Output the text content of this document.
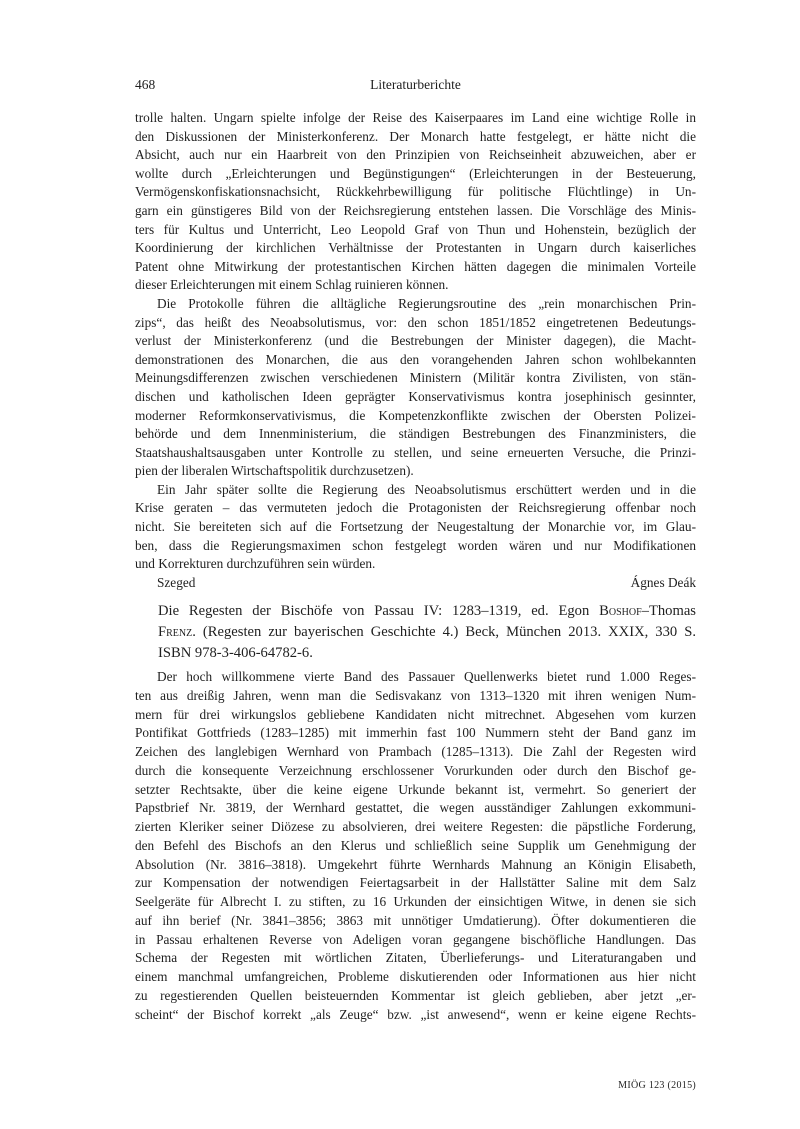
468	Literaturberichte
trolle halten. Ungarn spielte infolge der Reise des Kaiserpaares im Land eine wichtige Rolle in
den Diskussionen der Ministerkonferenz. Der Monarch hatte festgelegt, er hätte nicht die
Absicht, auch nur ein Haarbreit von den Prinzipien von Reichseinheit abzuweichen, aber er
wollte durch „Erleichterungen und Begünstigungen“ (Erleichterungen in der Besteuerung,
Vermögenskonfiskationsnachsicht, Rückkehrbewilligung für politische Flüchtlinge) in Un-
garn ein günstigeres Bild von der Reichsregierung entstehen lassen. Die Vorschläge des Minis-
ters für Kultus und Unterricht, Leo Leopold Graf von Thun und Hohenstein, bezüglich der
Koordinierung der kirchlichen Verhältnisse der Protestanten in Ungarn durch kaiserliches
Patent ohne Mitwirkung der protestantischen Kirchen hätten dagegen die minimalen Vorteile
dieser Erleichterungen mit einem Schlag ruinieren können.
Die Protokolle führen die alltägliche Regierungsroutine des „rein monarchischen Prin-
zips“, das heißt des Neoabsolutismus, vor: den schon 1851/1852 eingetretenen Bedeutungs-
verlust der Ministerkonferenz (und die Bestrebungen der Minister dagegen), die Macht-
demonstrationen des Monarchen, die aus den vorangehenden Jahren schon wohlbekannten
Meinungsdifferenzen zwischen verschiedenen Ministern (Militär kontra Zivilisten, von stän-
dischen und katholischen Ideen geprägter Konservativismus kontra josephinisch gesinnter,
moderner Reformkonservativismus, die Kompetenzkonflikte zwischen der Obersten Polizei-
behörde und dem Innenministerium, die ständigen Bestrebungen des Finanzministers, die
Staatshaushaltsausgaben unter Kontrolle zu stellen, und seine erneuerten Versuche, die Prinzi-
pien der liberalen Wirtschaftspolitik durchzusetzen).
Ein Jahr später sollte die Regierung des Neoabsolutismus erschüttert werden und in die
Krise geraten – das vermuteten jedoch die Protagonisten der Reichsregierung offenbar noch
nicht. Sie bereiteten sich auf die Fortsetzung der Neugestaltung der Monarchie vor, im Glau-
ben, dass die Regierungsmaximen schon festgelegt worden wären und nur Modifikationen
und Korrekturen durchzuführen sein würden.
Szeged	Ágnes Deák
Die Regesten der Bischöfe von Passau IV: 1283–1319, ed. Egon Boshof–Thomas
Frenz. (Regesten zur bayerischen Geschichte 4.) Beck, München 2013. XXIX, 330 S.
ISBN 978-3-406-64782-6.
Der hoch willkommene vierte Band des Passauer Quellenwerks bietet rund 1.000 Reges-
ten aus dreißig Jahren, wenn man die Sedisvakanz von 1313–1320 mit ihren wenigen Num-
mern für drei wirkungslos gebliebene Kandidaten nicht mitrechnet. Abgesehen vom kurzen
Pontifikat Gottfrieds (1283–1285) mit immerhin fast 100 Nummern steht der Band ganz im
Zeichen des langlebigen Wernhard von Prambach (1285–1313). Die Zahl der Regesten wird
durch die konsequente Verzeichnung erschlossener Vorurkunden oder durch den Bischof ge-
setzter Rechtsakte, über die keine eigene Urkunde bekannt ist, vermehrt. So generiert der
Papstbrief Nr. 3819, der Wernhard gestattet, die wegen ausständiger Zahlungen exkommuni-
zierten Kleriker seiner Diözese zu absolvieren, drei weitere Regesten: die päpstliche Forderung,
den Befehl des Bischofs an den Klerus und schließlich seine Supplik um Genehmigung der
Absolution (Nr. 3816–3818). Umgekehrt führte Wernhards Mahnung an Königin Elisabeth,
zur Kompensation der notwendigen Feiertagsarbeit in der Hallstätter Saline mit dem Salz
Seelgeräte für Albrecht I. zu stiften, zu 16 Urkunden der einsichtigen Witwe, in denen sie sich
auf ihn berief (Nr. 3841–3856; 3863 mit unnötiger Umdatierung). Öfter dokumentieren die
in Passau erhaltenen Reverse von Adeligen voran gegangene bischöfliche Handlungen. Das
Schema der Regesten mit wörtlichen Zitaten, Überlieferungs- und Literaturangaben und
einem manchmal umfangreichen, Probleme diskutierenden oder Informationen aus hier nicht
zu regestierenden Quellen beisteuernden Kommentar ist gleich geblieben, aber jetzt „er-
scheint“ der Bischof korrekt „als Zeuge“ bzw. „ist anwesend“, wenn er keine eigene Rechts-
MIÖG 123 (2015)
